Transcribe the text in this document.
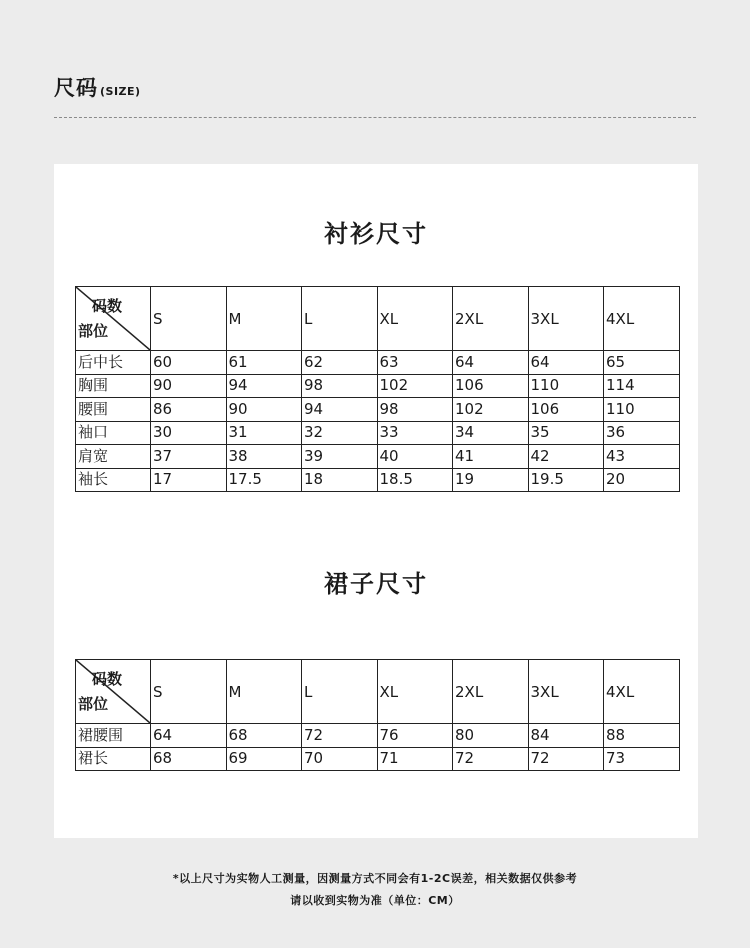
尺码 (SIZE)
衬衫尺寸
码数
部位	S	M	L	XL	2XL	3XL	4XL
后中长	60	61	62	63	64	64	65
胸围	90	94	98	102	106	110	114
腰围	86	90	94	98	102	106	110
袖口	30	31	32	33	34	35	36
肩宽	37	38	39	40	41	42	43
袖长	17	17.5	18	18.5	19	19.5	20
裙子尺寸
码数
部位	S	M	L	XL	2XL	3XL	4XL
裙腰围	64	68	72	76	80	84	88
裙长	68	69	70	71	72	72	73
*以上尺寸为实物人工测量，因测量方式不同会有1-2C误差，相关数据仅供参考
请以收到实物为准（单位：CM）
